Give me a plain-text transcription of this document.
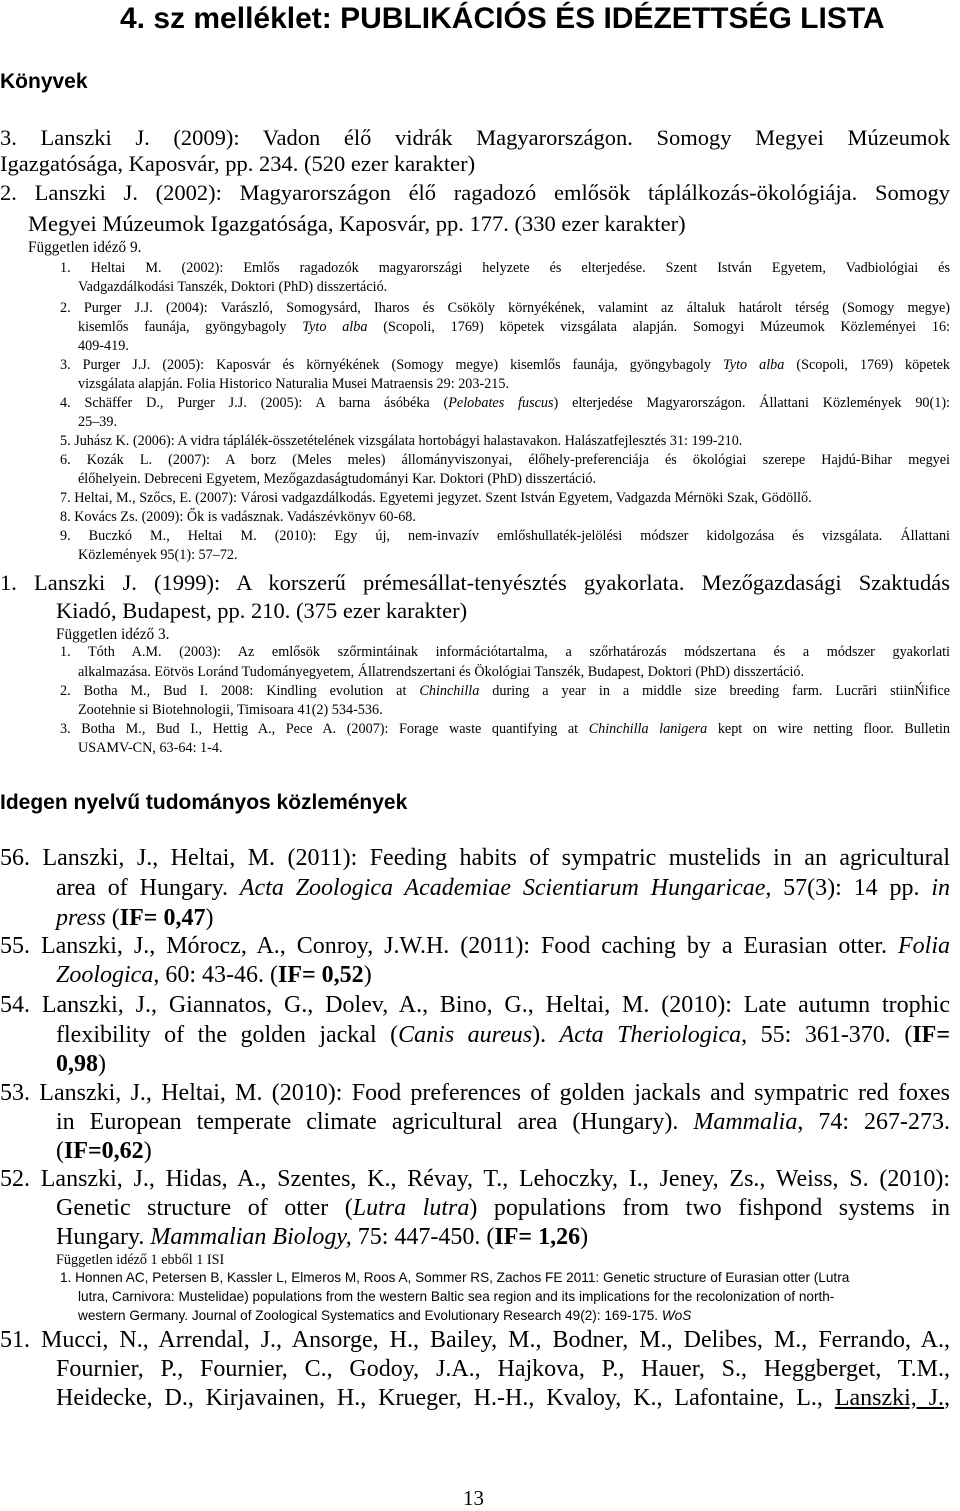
4. sz melléklet: PUBLIKÁCIÓS ÉS IDÉZETTSÉG LISTA
Könyvek
3. Lanszki J. (2009): Vadon élő vidrák Magyarországon. Somogy Megyei Múzeumok
Igazgatósága, Kaposvár, pp. 234. (520 ezer karakter)
2. Lanszki J. (2002): Magyarországon élő ragadozó emlősök táplálkozás-ökológiája. Somogy
Megyei Múzeumok Igazgatósága, Kaposvár, pp. 177. (330 ezer karakter)
Független idéző 9.
1. Heltai M. (2002): Emlős ragadozók magyarországi helyzete és elterjedése. Szent István Egyetem, Vadbiológiai és
Vadgazdálkodási Tanszék, Doktori (PhD) disszertáció.
2. Purger J.J. (2004): Varászló, Somogysárd, Iharos és Csököly környékének, valamint az általuk határolt térség (Somogy megye)
kisemlős faunája, gyöngybagoly Tyto alba (Scopoli, 1769) köpetek vizsgálata alapján. Somogyi Múzeumok Közleményei 16:
409-419.
3. Purger J.J. (2005): Kaposvár és környékének (Somogy megye) kisemlős faunája, gyöngybagoly Tyto alba (Scopoli, 1769) köpetek
vizsgálata alapján. Folia Historico Naturalia Musei Matraensis 29: 203-215.
4. Schäffer D., Purger J.J. (2005): A barna ásóbéka (Pelobates fuscus) elterjedése Magyarországon. Állattani Közlemények 90(1):
25–39.
5. Juhász K. (2006): A vidra táplálék-összetételének vizsgálata hortobágyi halastavakon. Halászatfejlesztés 31: 199-210.
6. Kozák L. (2007): A borz (Meles meles) állományviszonyai, élőhely-preferenciája és ökológiai szerepe Hajdú-Bihar megyei
élőhelyein. Debreceni Egyetem, Mezőgazdaságtudományi Kar. Doktori (PhD) disszertáció.
7. Heltai, M., Szőcs, E. (2007): Városi vadgazdálkodás. Egyetemi jegyzet. Szent István Egyetem, Vadgazda Mérnöki Szak, Gödöllő.
8. Kovács Zs. (2009): Ők is vadásznak. Vadászévkönyv 60-68.
9. Buczkó M., Heltai M. (2010): Egy új, nem-invazív emlőshullaték-jelölési módszer kidolgozása és vizsgálata. Állattani
Közlemények 95(1): 57–72.
1. Lanszki J. (1999): A korszerű prémesállat-tenyésztés gyakorlata. Mezőgazdasági Szaktudás
Kiadó, Budapest, pp. 210. (375 ezer karakter)
Független idéző 3.
1. Tóth A.M. (2003): Az emlősök szőrmintáinak információtartalma, a szőrhatározás módszertana és a módszer gyakorlati
alkalmazása. Eötvös Loránd Tudományegyetem, Állatrendszertani és Ökológiai Tanszék, Budapest, Doktori (PhD) disszertáció.
2. Botha M., Bud I. 2008: Kindling evolution at Chinchilla during a year in a middle size breeding farm. Lucrări stiinŃifice
Zootehnie si Biotehnologii, Timisoara 41(2) 534-536.
3. Botha M., Bud I., Hettig A., Pece A. (2007): Forage waste quantifying at Chinchilla lanigera kept on wire netting floor. Bulletin
USAMV-CN, 63-64: 1-4.
Idegen nyelvű tudományos közlemények
56. Lanszki, J., Heltai, M. (2011): Feeding habits of sympatric mustelids in an agricultural
area of Hungary. Acta Zoologica Academiae Scientiarum Hungaricae, 57(3): 14 pp. in
press (IF= 0,47)
55. Lanszki, J., Mórocz, A., Conroy, J.W.H. (2011): Food caching by a Eurasian otter. Folia
Zoologica, 60: 43-46. (IF= 0,52)
54. Lanszki, J., Giannatos, G., Dolev, A., Bino, G., Heltai, M. (2010): Late autumn trophic
flexibility of the golden jackal (Canis aureus). Acta Theriologica, 55: 361-370. (IF=
0,98)
53. Lanszki, J., Heltai, M. (2010): Food preferences of golden jackals and sympatric red foxes
in European temperate climate agricultural area (Hungary). Mammalia, 74: 267-273.
(IF=0,62)
52. Lanszki, J., Hidas, A., Szentes, K., Révay, T., Lehoczky, I., Jeney, Zs., Weiss, S. (2010):
Genetic structure of otter (Lutra lutra) populations from two fishpond systems in
Hungary. Mammalian Biology, 75: 447-450. (IF= 1,26)
Független idéző 1 ebből 1 ISI
1. Honnen AC, Petersen B, Kassler L, Elmeros M, Roos A, Sommer RS, Zachos FE 2011: Genetic structure of Eurasian otter (Lutra
lutra, Carnivora: Mustelidae) populations from the western Baltic sea region and its implications for the recolonization of north-
western Germany. Journal of Zoological Systematics and Evolutionary Research 49(2): 169-175. WoS
51. Mucci, N., Arrendal, J., Ansorge, H., Bailey, M., Bodner, M., Delibes, M., Ferrando, A.,
Fournier, P., Fournier, C., Godoy, J.A., Hajkova, P., Hauer, S., Heggberget, T.M.,
Heidecke, D., Kirjavainen, H., Krueger, H.-H., Kvaloy, K., Lafontaine, L., Lanszki, J.,
13
